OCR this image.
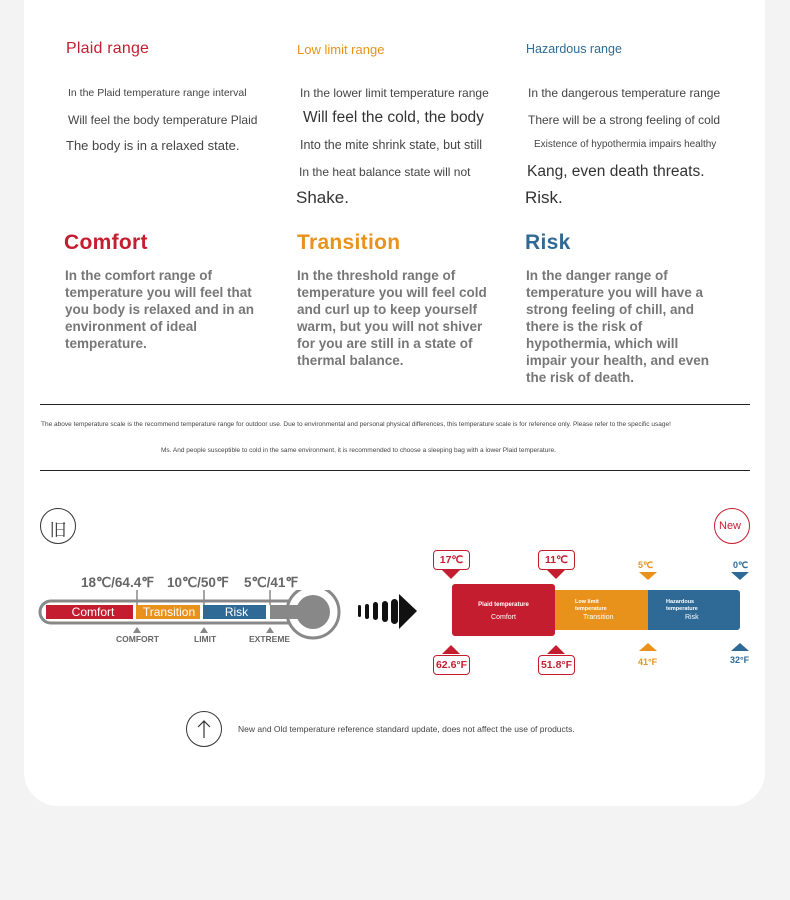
Plaid range
In the Plaid temperature range interval
Will feel the body temperature Plaid
The body is in a relaxed state.
Low limit range
In the lower limit temperature range
Will feel the cold, the body
Into the mite shrink state, but still
In the heat balance state will not
Shake.
Hazardous range
In the dangerous temperature range
There will be a strong feeling of cold
Existence of hypothermia impairs healthy
Kang, even death threats.
Risk.
Comfort
In the comfort range of temperature you will feel that you body is relaxed and in an environment of ideal temperature.
Transition
In the threshold range of temperature you will feel cold and curl up to keep yourself warm, but you will not shiver for you are still in a state of thermal balance.
Risk
In the danger range of temperature you will have a strong feeling of chill, and there is the risk of hypothermia, which will impair your health, and even the risk of death.
The above temperature scale is the recommend temperature range for outdoor use. Due to environmental and personal physical differences, this temperature scale is for reference only. Please refer to the specific usage!
Ms. And people susceptible to cold in the same environment, it is recommended to choose a sleeping bag with a lower Plaid temperature.
旧
18℃/64.4℉ 10℃/50℉ 5℃/41℉
Comfort	Transition	Risk
COMFORT	LIMIT	EXTREME
New
17℃	11℃	5℃	0℃
Plaid temperature
Comfort
Low limit
temperature
Transition
Hazardous
temperature
Risk
62.6°F	51.8°F	41°F	32°F
New and Old temperature reference standard update, does not affect the use of products.
